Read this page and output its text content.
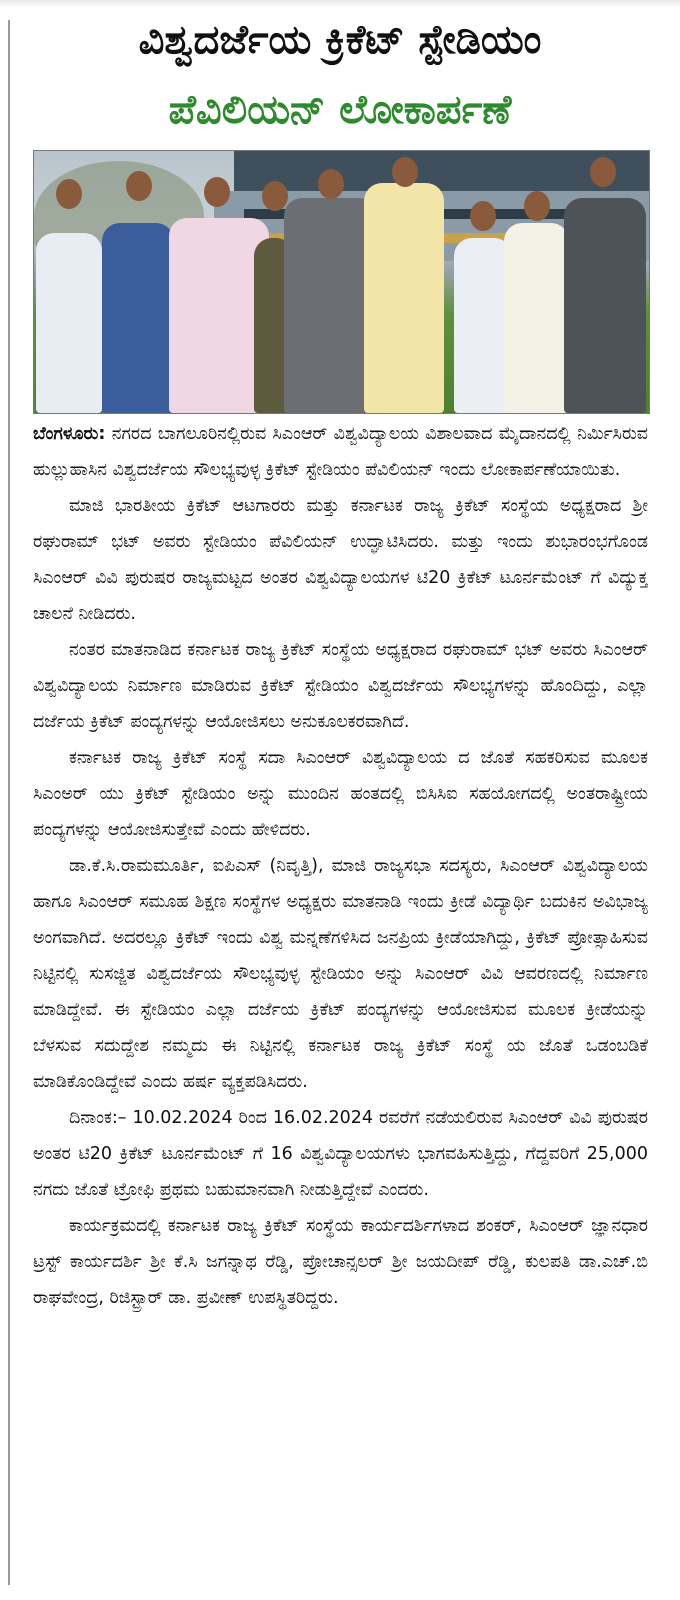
ವಿಶ್ವದರ್ಜೆಯ ಕ್ರಿಕೆಟ್ ಸ್ಟೇಡಿಯಂ
ಪೆವಿಲಿಯನ್ ಲೋಕಾರ್ಪಣೆ

ಬೆಂಗಳೂರು: ನಗರದ ಬಾಗಲೂರಿನಲ್ಲಿರುವ ಸಿಎಂಆರ್ ವಿಶ್ವವಿದ್ಯಾಲಯ ವಿಶಾಲವಾದ ಮೈದಾನದಲ್ಲಿ ನಿರ್ಮಿಸಿರುವ ಹುಲ್ಲುಹಾಸಿನ ವಿಶ್ವದರ್ಜೆಯ ಸೌಲಭ್ಯವುಳ್ಳ ಕ್ರಿಕೆಟ್ ಸ್ಟೇಡಿಯಂ ಪೆವಿಲಿಯನ್ ಇಂದು ಲೋಕಾರ್ಪಣೆಯಾಯಿತು.

ಮಾಜಿ ಭಾರತೀಯ ಕ್ರಿಕೆಟ್ ಆಟಗಾರರು ಮತ್ತು ಕರ್ನಾಟಕ ರಾಜ್ಯ ಕ್ರಿಕೆಟ್ ಸಂಸ್ಥೆಯ ಅಧ್ಯಕ್ಷರಾದ ಶ್ರೀ ರಘುರಾಮ್ ಭಟ್ ಅವರು ಸ್ಟೇಡಿಯಂ ಪೆವಿಲಿಯನ್ ಉದ್ಘಾಟಿಸಿದರು. ಮತ್ತು ಇಂದು ಶುಭಾರಂಭಗೊಂಡ ಸಿಎಂಆರ್ ವಿವಿ ಪುರುಷರ ರಾಜ್ಯಮಟ್ಟದ ಅಂತರ ವಿಶ್ವವಿದ್ಯಾಲಯಗಳ ಟಿ20 ಕ್ರಿಕೆಟ್ ಟೂರ್ನಮೆಂಟ್ ಗೆ ವಿದ್ಯುಕ್ತ ಚಾಲನೆ ನೀಡಿದರು.

ನಂತರ ಮಾತನಾಡಿದ ಕರ್ನಾಟಕ ರಾಜ್ಯ ಕ್ರಿಕೆಟ್ ಸಂಸ್ಥೆಯ ಅಧ್ಯಕ್ಷರಾದ ರಘುರಾಮ್ ಭಟ್ ಅವರು ಸಿಎಂಆರ್ ವಿಶ್ವವಿದ್ಯಾಲಯ ನಿರ್ಮಾಣ ಮಾಡಿರುವ ಕ್ರಿಕೆಟ್ ಸ್ಟೇಡಿಯಂ ವಿಶ್ವದರ್ಜೆಯ ಸೌಲಭ್ಯಗಳನ್ನು ಹೊಂದಿದ್ದು, ಎಲ್ಲಾ ದರ್ಜೆಯ ಕ್ರಿಕೆಟ್ ಪಂದ್ಯಗಳನ್ನು ಆಯೋಜಿಸಲು ಅನುಕೂಲಕರವಾಗಿದೆ.

ಕರ್ನಾಟಕ ರಾಜ್ಯ ಕ್ರಿಕೆಟ್ ಸಂಸ್ಥೆ ಸದಾ ಸಿಎಂಆರ್ ವಿಶ್ವವಿದ್ಯಾಲಯ ದ ಜೊತೆ ಸಹಕರಿಸುವ ಮೂಲಕ ಸಿಎಂಅರ್ ಯು ಕ್ರಿಕೆಟ್ ಸ್ಟೇಡಿಯಂ ಅನ್ನು ಮುಂದಿನ ಹಂತದಲ್ಲಿ ಬಿಸಿಸಿಐ ಸಹಯೋಗದಲ್ಲಿ ಅಂತರಾಷ್ಟ್ರೀಯ ಪಂದ್ಯಗಳನ್ನು ಆಯೋಜಿಸುತ್ತೇವೆ ಎಂದು ಹೇಳಿದರು.

ಡಾ.ಕೆ.ಸಿ.ರಾಮಮೂರ್ತಿ, ಐಪಿಎಸ್ (ನಿವೃತ್ತಿ), ಮಾಜಿ ರಾಜ್ಯಸಭಾ ಸದಸ್ಯರು, ಸಿಎಂಆರ್ ವಿಶ್ವವಿದ್ಯಾಲಯ ಹಾಗೂ ಸಿಎಂಆರ್ ಸಮೂಹ ಶಿಕ್ಷಣ ಸಂಸ್ಥೆಗಳ ಅಧ್ಯಕ್ಷರು ಮಾತನಾಡಿ ಇಂದು ಕ್ರೀಡೆ ವಿದ್ಯಾರ್ಥಿ ಬದುಕಿನ ಅವಿಭಾಜ್ಯ ಅಂಗವಾಗಿದೆ. ಅದರಲ್ಲೂ ಕ್ರಿಕೆಟ್ ಇಂದು ವಿಶ್ವ ಮನ್ನಣೆಗಳಿಸಿದ ಜನಪ್ರಿಯ ಕ್ರೀಡೆಯಾಗಿದ್ದು, ಕ್ರಿಕೆಟ್ ಪ್ರೋತ್ಸಾಹಿಸುವ ನಿಟ್ಟಿನಲ್ಲಿ ಸುಸಜ್ಜಿತ ವಿಶ್ವದರ್ಜೆಯ ಸೌಲಭ್ಯವುಳ್ಳ ಸ್ಟೇಡಿಯಂ ಅನ್ನು ಸಿಎಂಆರ್ ವಿವಿ ಆವರಣದಲ್ಲಿ ನಿರ್ಮಾಣ ಮಾಡಿದ್ದೇವೆ. ಈ ಸ್ಟೇಡಿಯಂ ಎಲ್ಲಾ ದರ್ಜೆಯ ಕ್ರಿಕೆಟ್ ಪಂದ್ಯಗಳನ್ನು ಆಯೋಜಿಸುವ ಮೂಲಕ ಕ್ರೀಡೆಯನ್ನು ಬೆಳಸುವ ಸದುದ್ದೇಶ ನಮ್ಮದು ಈ ನಿಟ್ಟಿನಲ್ಲಿ ಕರ್ನಾಟಕ ರಾಜ್ಯ ಕ್ರಿಕೆಟ್ ಸಂಸ್ಥೆ ಯ ಜೊತೆ ಒಡಂಬಡಿಕೆ ಮಾಡಿಕೊಂಡಿದ್ದೇವೆ ಎಂದು ಹರ್ಷ ವ್ಯಕ್ತಪಡಿಸಿದರು.

ದಿನಾಂಕ:– 10.02.2024 ರಿಂದ 16.02.2024 ರವರೆಗೆ ನಡೆಯಲಿರುವ ಸಿಎಂಆರ್ ವಿವಿ ಪುರುಷರ ಅಂತರ ಟಿ20 ಕ್ರಿಕೆಟ್ ಟೂರ್ನಮೆಂಟ್ ಗೆ 16 ವಿಶ್ವವಿದ್ಯಾಲಯಗಳು ಭಾಗವಹಿಸುತ್ತಿದ್ದು, ಗೆದ್ದವರಿಗೆ 25,000 ನಗದು ಜೊತೆ ಟ್ರೋಫಿ ಪ್ರಥಮ ಬಹುಮಾನವಾಗಿ ನೀಡುತ್ತಿದ್ದೇವೆ ಎಂದರು.

ಕಾರ್ಯಕ್ರಮದಲ್ಲಿ ಕರ್ನಾಟಕ ರಾಜ್ಯ ಕ್ರಿಕೆಟ್ ಸಂಸ್ಥೆಯ ಕಾರ್ಯದರ್ಶಿಗಳಾದ ಶಂಕರ್, ಸಿಎಂಆರ್ ಜ್ಞಾನಧಾರ ಟ್ರಸ್ಟ್ ಕಾರ್ಯದರ್ಶಿ ಶ್ರೀ ಕೆ.ಸಿ ಜಗನ್ನಾಥ ರೆಡ್ಡಿ, ಪ್ರೋಚಾನ್ಸಲರ್ ಶ್ರೀ ಜಯದೀಪ್ ರೆಡ್ಡಿ, ಕುಲಪತಿ ಡಾ.ಎಚ್.ಬಿ ರಾಘವೇಂದ್ರ, ರಿಜಿಸ್ಟ್ರಾರ್ ಡಾ. ಪ್ರವೀಣ್ ಉಪಸ್ಥಿತರಿದ್ದರು.
